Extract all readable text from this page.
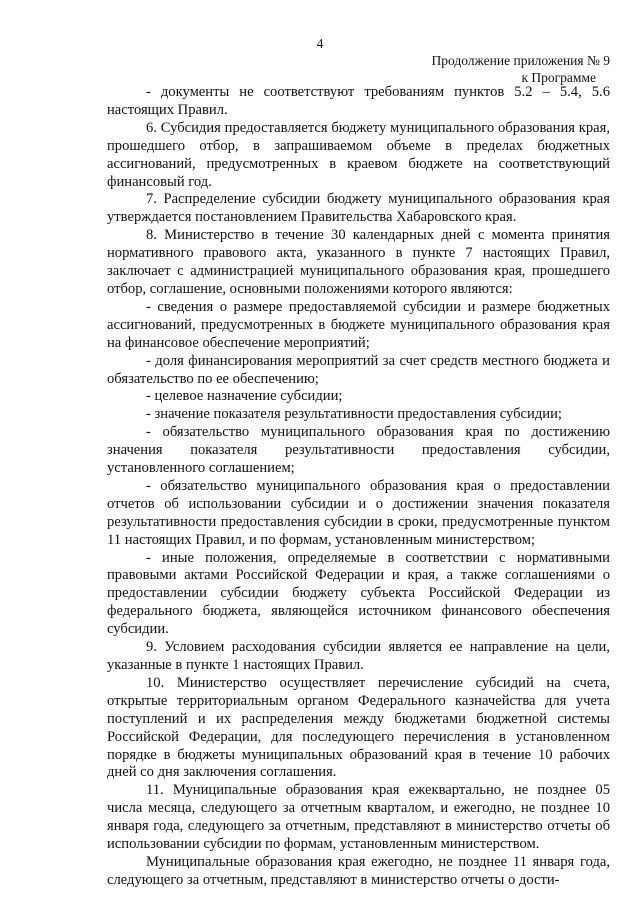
4
Продолжение приложения № 9
к Программе

- документы не соответствуют требованиям пунктов 5.2 – 5.4, 5.6 настоящих Правил.

6. Субсидия предоставляется бюджету муниципального образования края, прошедшего отбор, в запрашиваемом объеме в пределах бюджетных ассигнований, предусмотренных в краевом бюджете на соответствующий финансовый год.

7. Распределение субсидии бюджету муниципального образования края утверждается постановлением Правительства Хабаровского края.

8. Министерство в течение 30 календарных дней с момента принятия нормативного правового акта, указанного в пункте 7 настоящих Правил, заключает с администрацией муниципального образования края, прошедшего отбор, соглашение, основными положениями которого являются:

- сведения о размере предоставляемой субсидии и размере бюджетных ассигнований, предусмотренных в бюджете муниципального образования края на финансовое обеспечение мероприятий;

- доля финансирования мероприятий за счет средств местного бюджета и обязательство по ее обеспечению;

- целевое назначение субсидии;

- значение показателя результативности предоставления субсидии;

- обязательство муниципального образования края по достижению значения показателя результативности предоставления субсидии, установленного соглашением;

- обязательство муниципального образования края о предоставлении отчетов об использовании субсидии и о достижении значения показателя результативности предоставления субсидии в сроки, предусмотренные пунктом 11 настоящих Правил, и по формам, установленным министерством;

- иные положения, определяемые в соответствии с нормативными правовыми актами Российской Федерации и края, а также соглашениями о предоставлении субсидии бюджету субъекта Российской Федерации из федерального бюджета, являющейся источником финансового обеспечения субсидии.

9. Условием расходования субсидии является ее направление на цели, указанные в пункте 1 настоящих Правил.

10. Министерство осуществляет перечисление субсидий на счета, открытые территориальным органом Федерального казначейства для учета поступлений и их распределения между бюджетами бюджетной системы Российской Федерации, для последующего перечисления в установленном порядке в бюджеты муниципальных образований края в течение 10 рабочих дней со дня заключения соглашения.

11. Муниципальные образования края ежеквартально, не позднее 05 числа месяца, следующего за отчетным кварталом, и ежегодно, не позднее 10 января года, следующего за отчетным, представляют в министерство отчеты об использовании субсидии по формам, установленным министерством.

Муниципальные образования края ежегодно, не позднее 11 января года, следующего за отчетным, представляют в министерство отчеты о дости-
